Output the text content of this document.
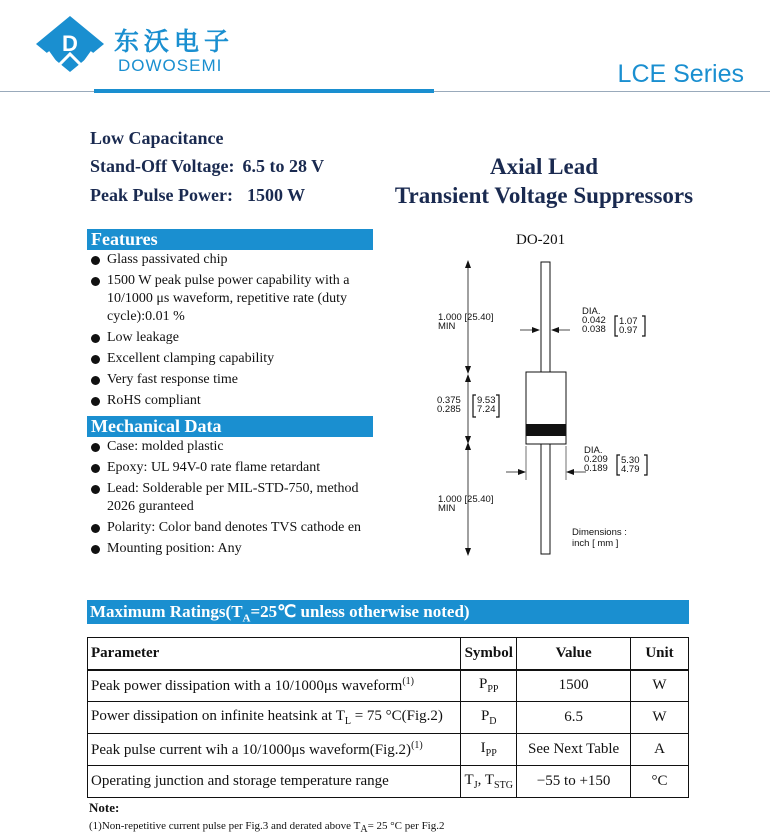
D 东沃电子
DOWOSEMI	LCE Series
Low Capacitance
Stand-Off Voltage: 6.5 to 28 V
Peak Pulse Power: 1500 W
Axial Lead
Transient Voltage Suppressors
Features
Glass passivated chip
1500 W peak pulse power capability with a 10/1000 μs waveform, repetitive rate (duty cycle):0.01 %
Low leakage
Excellent clamping capability
Very fast response time
RoHS compliant
Mechanical Data
Case: molded plastic
Epoxy: UL 94V-0 rate flame retardant
Lead: Solderable per MIL-STD-750, method 2026 guranteed
Polarity: Color band denotes TVS cathode en
Mounting position: Any
DO-201
1.000 [25.40]
MIN
0.375
0.285
9.53
7.24
1.000 [25.40]
MIN
DIA.
0.042
0.038
1.07
0.97
DIA.
0.209
0.189
5.30
4.79
Dimensions :
inch [ mm ]
Maximum $Ratings(T_A=25℃$ unless otherwise noted)
Parameter	Symbol	Value	Unit
Peak power dissipation with a 10/1000μs waveform$^{(1)}$	$P_{PP}$	1500	W
Power dissipation on infinite heatsink at $T_L = 75$ °C(Fig.2)	$P_D$	6.5	W
Peak pulse current wih a 10/1000μs $waveform(Fig.2)^{(1)}$	$I_{PP}$	See Next Table	A
Operating junction and storage temperature range	$T_J$, $T_{STG}$	−55 to +150	°C
Note:
(1)Non-repetitive current pulse per Fig.3 and derated above $T_A= 25$ °C per Fig.2
